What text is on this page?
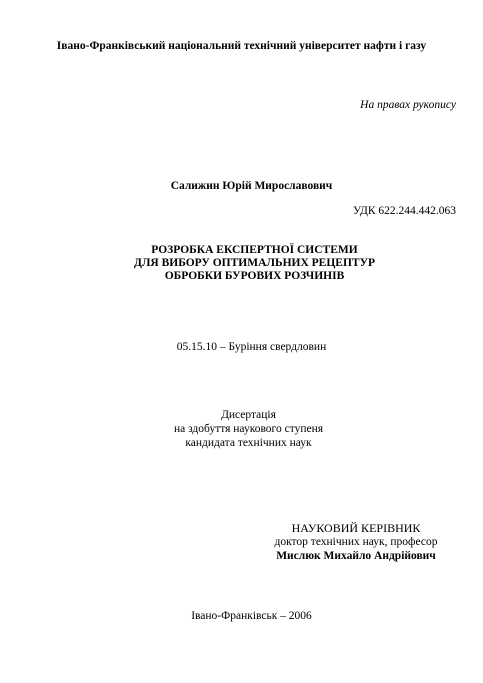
Івано-Франківський національний технічний університет нафти і газу
На правах рукопису
Салижин Юрій Мирославович
УДК 622.244.442.063
РОЗРОБКА ЕКСПЕРТНОЇ СИСТЕМИ
ДЛЯ ВИБОРУ ОПТИМАЛЬНИХ РЕЦЕПТУР
ОБРОБКИ БУРОВИХ РОЗЧИНІВ
05.15.10 – Буріння свердловин
Дисертація
на здобуття наукового ступеня
кандидата технічних наук
НАУКОВИЙ КЕРІВНИК
доктор технічних наук, професор
Мислюк Михайло Андрійович
Івано-Франківськ – 2006
